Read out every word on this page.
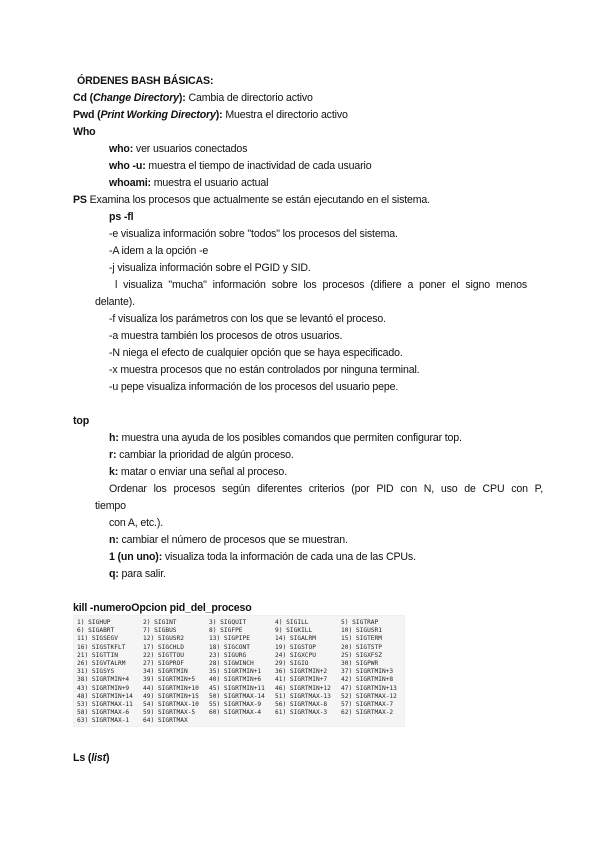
ÓRDENES BASH BÁSICAS:
Cd (Change Directory): Cambia de directorio activo
Pwd (Print Working Directory): Muestra el directorio activo
Who
who: ver usuarios conectados
who -u: muestra el tiempo de inactividad de cada usuario
whoami: muestra el usuario actual
PS Examina los procesos que actualmente se están ejecutando en el sistema.
ps -fl
-e visualiza información sobre "todos" los procesos del sistema.
-A idem a la opción -e
-j visualiza información sobre el PGID y SID.
l visualiza "mucha" información sobre los procesos (difiere a poner el signo menos
delante).
-f visualiza los parámetros con los que se levantó el proceso.
-a muestra también los procesos de otros usuarios.
-N niega el efecto de cualquier opción que se haya especificado.
-x muestra procesos que no están controlados por ninguna terminal.
-u pepe visualiza información de los procesos del usuario pepe.
top
h: muestra una ayuda de los posibles comandos que permiten configurar top.
r: cambiar la prioridad de algún proceso.
k: matar o enviar una señal al proceso.
Ordenar los procesos según diferentes criterios (por PID con N, uso de CPU con P,
tiempo
con A, etc.).
n: cambiar el número de procesos que se muestran.
1 (un uno): visualiza toda la información de cada una de las CPUs.
q: para salir.
kill -numeroOpcion pid_del_proceso
1) SIGHUP	2) SIGINT	3) SIGQUIT	4) SIGILL	5) SIGTRAP
6) SIGABRT	7) SIGBUS	8) SIGFPE	9) SIGKILL	10) SIGUSR1
11) SIGSEGV	12) SIGUSR2	13) SIGPIPE	14) SIGALRM	15) SIGTERM
16) SIGSTKFLT	17) SIGCHLD	18) SIGCONT	19) SIGSTOP	20) SIGTSTP
21) SIGTTIN	22) SIGTTOU	23) SIGURG	24) SIGXCPU	25) SIGXFSZ
26) SIGVTALRM	27) SIGPROF	28) SIGWINCH	29) SIGIO	30) SIGPWR
31) SIGSYS	34) SIGRTMIN	35) SIGRTMIN+1 36) SIGRTMIN+2 37) SIGRTMIN+3
38) SIGRTMIN+4 39) SIGRTMIN+5 40) SIGRTMIN+6 41) SIGRTMIN+7 42) SIGRTMIN+8
43) SIGRTMIN+9 44) SIGRTMIN+10 45) SIGRTMIN+11 46) SIGRTMIN+12 47) SIGRTMIN+13
48) SIGRTMIN+14 49) SIGRTMIN+15 50) SIGRTMAX-14 51) SIGRTMAX-13 52) SIGRTMAX-12
53) SIGRTMAX-11 54) SIGRTMAX-10 55) SIGRTMAX-9 56) SIGRTMAX-8 57) SIGRTMAX-7
58) SIGRTMAX-6 59) SIGRTMAX-5 60) SIGRTMAX-4 61) SIGRTMAX-3 62) SIGRTMAX-2
63) SIGRTMAX-1 64) SIGRTMAX
Ls (list)
